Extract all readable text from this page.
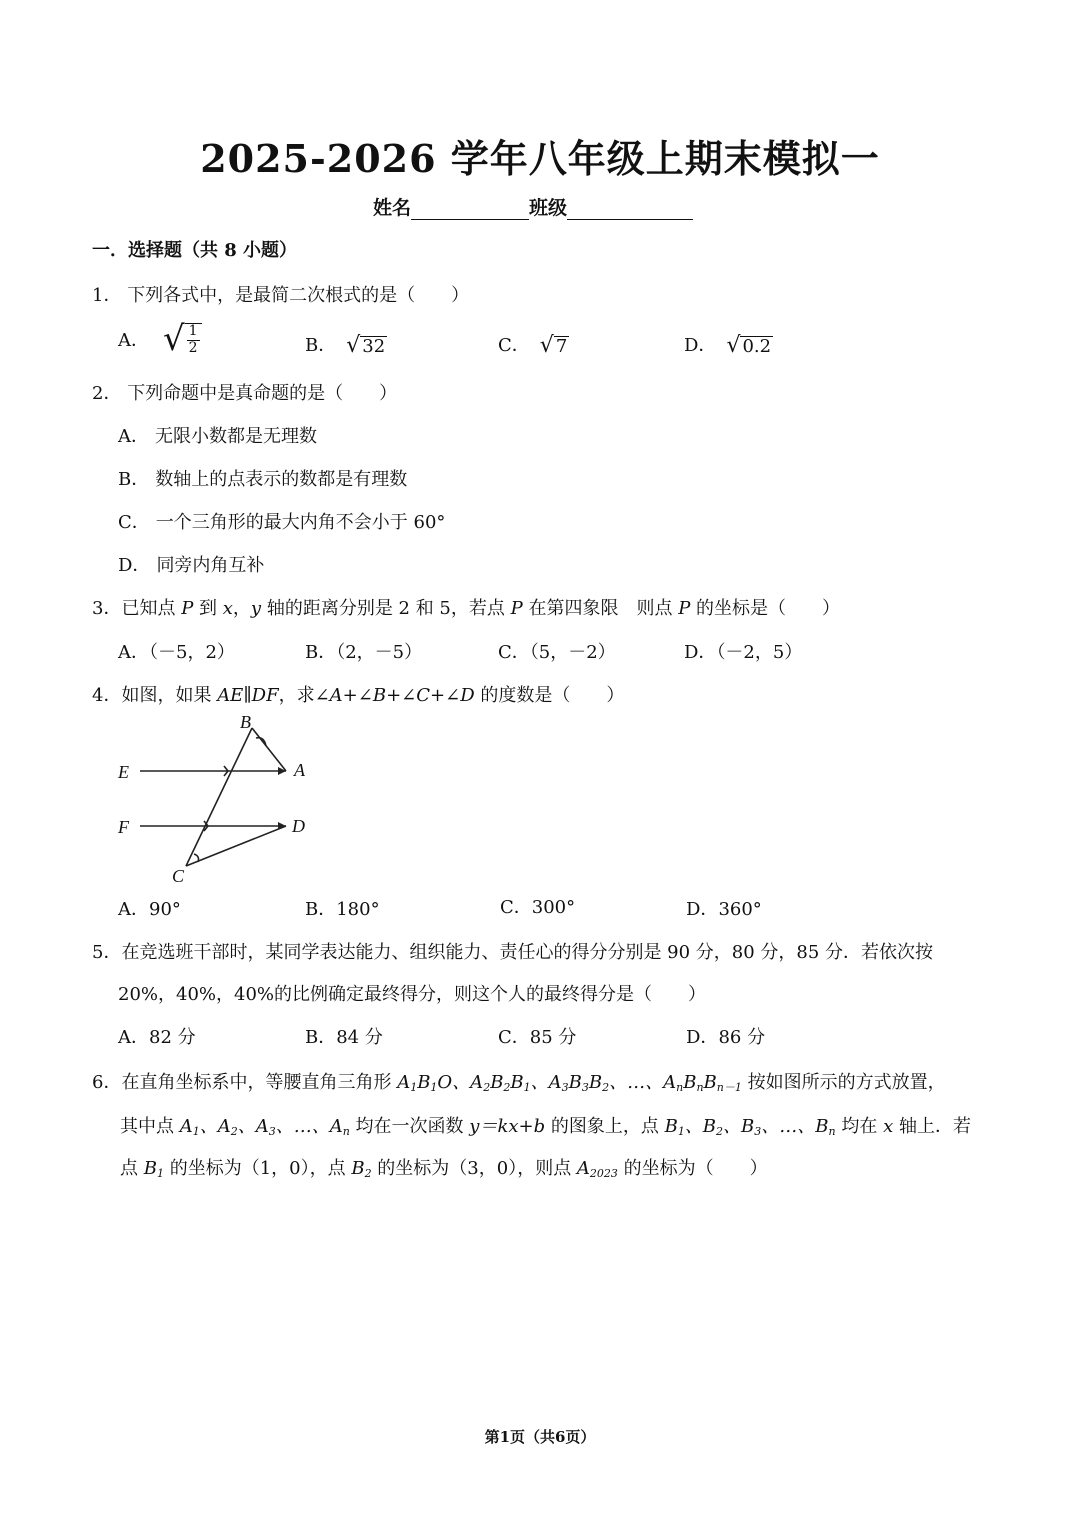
2025-2026 学年八年级上期末模拟一
姓名	班级
一．选择题（共 8 小题）
1． 下列各式中，是最简二次根式的是（　　）
A． √ $\frac{1}{2}$	B． √ 32	C． √ 7	D． √ 0.2
2． 下列命题中是真命题的是（　　）
A． 无限小数都是无理数
B． 数轴上的点表示的数都是有理数
C． 一个三角形的最大内角不会小于 60°
D． 同旁内角互补
3．已知点 P 到 x，y 轴的距离分别是 2 和 5，若点 P 在第四象限　则点 P 的坐标是（　　）
A．（－5，2）	B．（2，－5）	C．（5，－2）	D．（－2，5）
4．如图，如果 AE∥DF，求∠A+∠B+∠C+∠D 的度数是（　　）
B
E	A
F	D
C
A．90°	B．180°	C．300°	D．360°
5．在竞选班干部时，某同学表达能力、组织能力、责任心的得分分别是 90 分，80 分，85 分．若依次按
20%，40%，40%的比例确定最终得分，则这个人的最终得分是（　　）
A．82 分	B．84 分	C．85 分	D．86 分
6．在直角坐标系中，等腰直角三角形 $A_1B_1O$、$A_2B_2B_1$、$A_3B_3B_2$、…、$A_nB_nB_{n-1}$ 按如图所示的方式放置，
其中点 $A_1$、$A_2$、$A_3$、…、$A_n$ 均在一次函数 y＝kx+b 的图象上，点 $B_1$、$B_2$、$B_3$、…、$B_n$ 均在 x 轴上．若
点 $B_1$ 的坐标为（1，0），点 $B_2$ 的坐标为（3，0），则点 $A_{2023}$ 的坐标为（　　）
第1页（共6页）
